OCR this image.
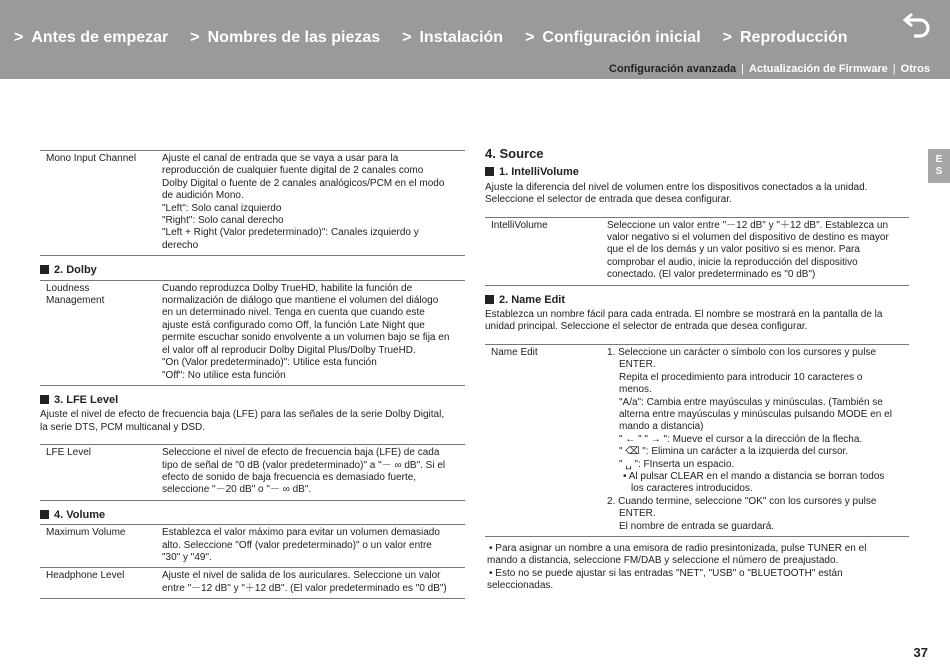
> Antes de empezar > Nombres de las piezas > Instalación > Configuración inicial > Reproducción
Configuración avanzada | Actualización de Firmware | Otros
E
S
Mono Input Channel	Ajuste el canal de entrada que se vaya a usar para la
reproducción de cualquier fuente digital de 2 canales como
Dolby Digital o fuente de 2 canales analógicos/PCM en el modo
de audición Mono.
"Left": Solo canal izquierdo
"Right": Solo canal derecho
"Left + Right (Valor predeterminado)": Canales izquierdo y
derecho
2. Dolby
Loudness
Management

Cuando reproduzca Dolby TrueHD, habilite la función de
normalización de diálogo que mantiene el volumen del diálogo
en un determinado nivel. Tenga en cuenta que cuando este
ajuste está configurado como Off, la función Late Night que
permite escuchar sonido envolvente a un volumen bajo se fija en
el valor off al reproducir Dolby Digital Plus/Dolby TrueHD.
"On (Valor predeterminado)": Utilice esta función
"Off": No utilice esta función
3. LFE Level
Ajuste el nivel de efecto de frecuencia baja (LFE) para las señales de la serie Dolby Digital,
la serie DTS, PCM multicanal y DSD.
LFE Level	Seleccione el nivel de efecto de frecuencia baja (LFE) de cada
tipo de señal de "0 dB (valor predeterminado)" a "－ ∞ dB". Si el
efecto de sonido de baja frecuencia es demasiado fuerte,
seleccione "－20 dB" o "－ ∞ dB".
4. Volume
Maximum Volume	Establezca el valor máximo para evitar un volumen demasiado
alto. Seleccione "Off (valor predeterminado)" o un valor entre
"30" y "49".

Headphone Level	Ajuste el nivel de salida de los auriculares. Seleccione un valor
entre "－12 dB" y "＋12 dB". (El valor predeterminado es "0 dB")
4. Source
1. IntelliVolume
Ajuste la diferencia del nivel de volumen entre los dispositivos conectados a la unidad.
Seleccione el selector de entrada que desea configurar.
IntelliVolume	Seleccione un valor entre "－12 dB" y "＋12 dB". Establezca un
valor negativo si el volumen del dispositivo de destino es mayor
que el de los demás y un valor positivo si es menor. Para
comprobar el audio, inicie la reproducción del dispositivo
conectado. (El valor predeterminado es "0 dB")
2. Name Edit
Establezca un nombre fácil para cada entrada. El nombre se mostrará en la pantalla de la
unidad principal. Seleccione el selector de entrada que desea configurar.
Name Edit	1. Seleccione un carácter o símbolo con los cursores y pulse
ENTER.
Repita el procedimiento para introducir 10 caracteres o
menos.
"A/a": Cambia entre mayúsculas y minúsculas. (También se
alterna entre mayúsculas y minúsculas pulsando MODE en el
mando a distancia)
" ← " " → ": Mueve el cursor a la dirección de la flecha.
" ⌫ ": Elimina un carácter a la izquierda del cursor.
" ␣ ": FInserta un espacio.
• Al pulsar CLEAR en el mando a distancia se borran todos
los caracteres introducidos.
2. Cuando termine, seleccione "OK" con los cursores y pulse
ENTER.
El nombre de entrada se guardará.
• Para asignar un nombre a una emisora de radio presintonizada, pulse TUNER en el
mando a distancia, seleccione FM/DAB y seleccione el número de preajustado.
• Esto no se puede ajustar si las entradas "NET", "USB" o "BLUETOOTH" están
seleccionadas.
37
